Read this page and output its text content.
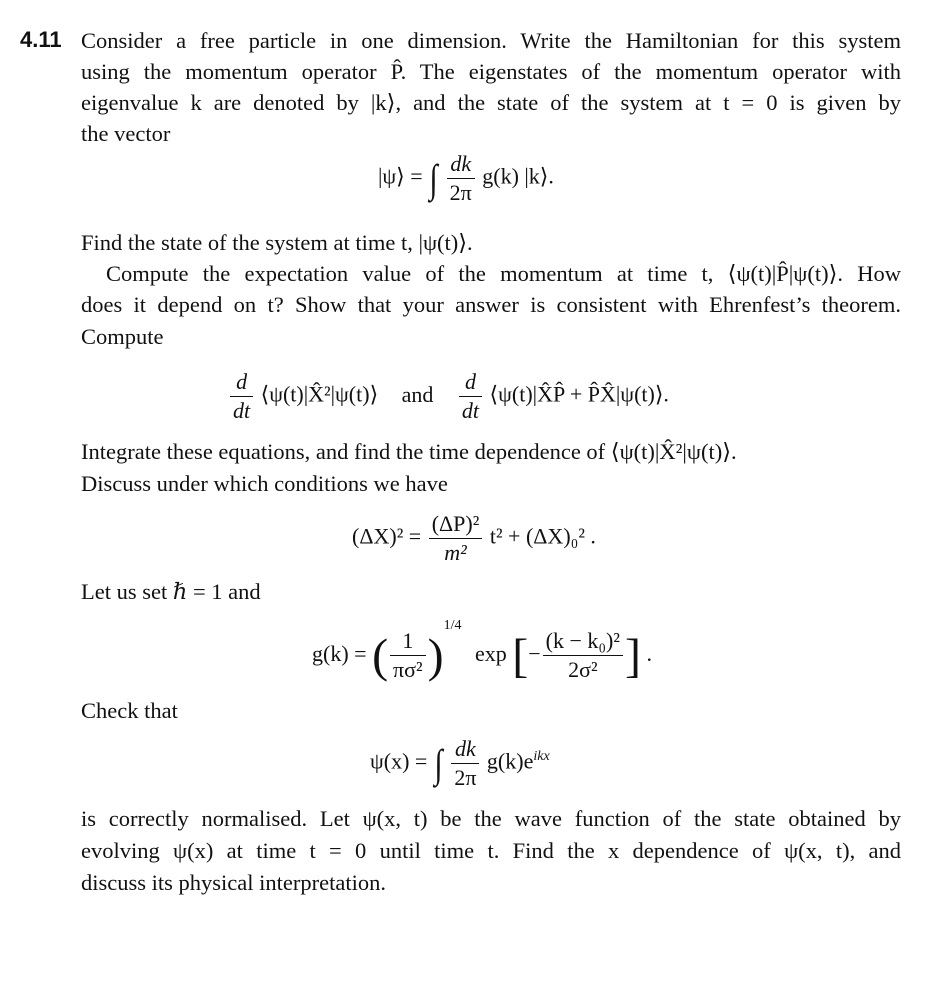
4.11 Consider a free particle in one dimension. Write the Hamiltonian for this system
using the momentum operator P̂. The eigenstates of the momentum operator with
eigenvalue k are denoted by |k⟩, and the state of the system at t = 0 is given by
the vector
|ψ⟩ = ∫ $\frac{dk}{2\pi} g(k)$ |k⟩.
Find the state of the system at time t, |ψ(t)⟩.
Compute the expectation value of the momentum at time t, ⟨ψ(t)|P̂|ψ(t)⟩. How
does it depend on t? Show that your answer is consistent with Ehrenfest’s theorem.
Compute
$\frac{d}{dt}$ ⟨ψ(t)|X̂²|ψ(t)⟩ and $\frac{d}{dt}$ ⟨ψ(t)|X̂P̂ + P̂X̂|ψ(t)⟩.
Integrate these equations, and find the time dependence of ⟨ψ(t)|X̂²|ψ(t)⟩.
Discuss under which conditions we have
$(\Delta X)^2 = \frac{\text{(ΔP)²}}{\text{m²}} t^2 + (\Delta X)_0^2$ .
Let us set ℏ = 1 and
g(k) = ( $\frac{1}{\text{πσ²}} )^{1/4}$ exp [− $\frac{\text{(k − k₀)²}}{\text{2σ²}}$ ] .
Check that
ψ(x) = ∫ $\frac{dk}{2\pi} g(k)e^{ikx}$
is correctly normalised. Let ψ(x, t) be the wave function of the state obtained by
evolving ψ(x) at time t = 0 until time t. Find the x dependence of ψ(x, t), and
discuss its physical interpretation.
